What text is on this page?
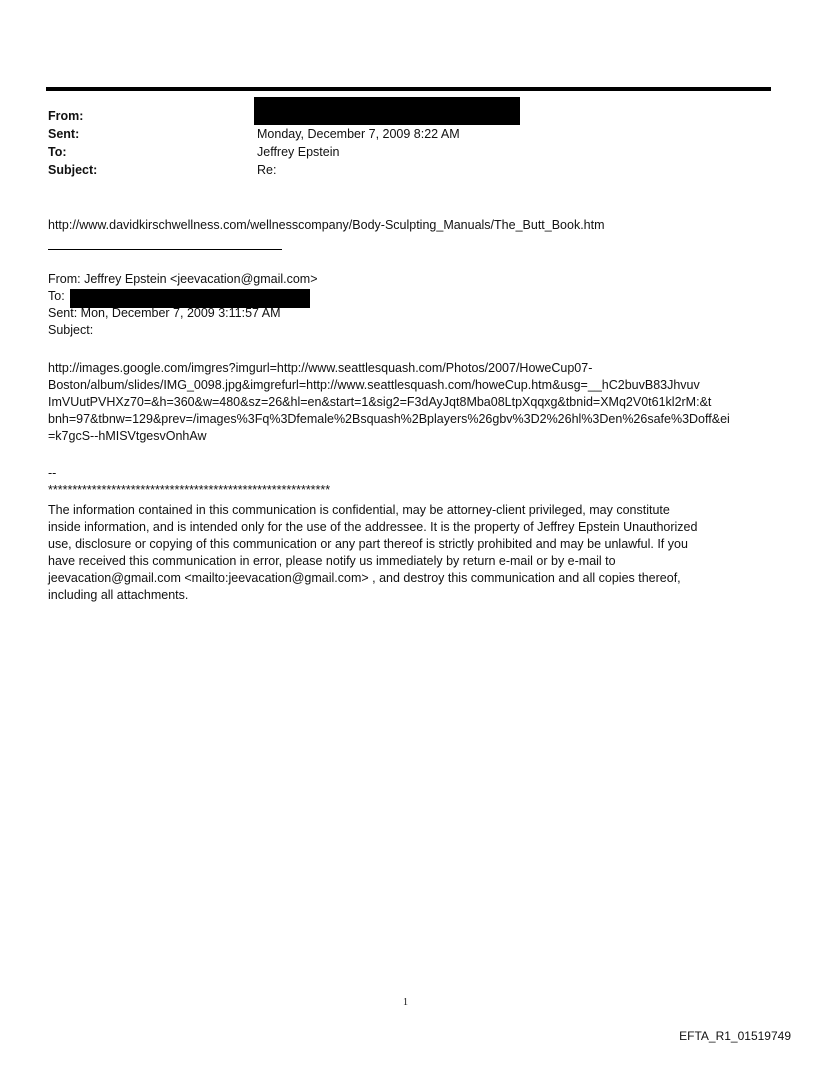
From:
Sent:	Monday, December 7, 2009 8:22 AM
To:	Jeffrey Epstein
Subject:	Re:
http://www.davidkirschwellness.com/wellnesscompany/Body-Sculpting_Manuals/The_Butt_Book.htm
From: Jeffrey Epstein <jeevacation@gmail.com>
To:
Sent: Mon, December 7, 2009 3:11:57 AM
Subject:
http://images.google.com/imgres?imgurl=http://www.seattlesquash.com/Photos/2007/HoweCup07-
Boston/album/slides/IMG_0098.jpg&imgrefurl=http://www.seattlesquash.com/howeCup.htm&usg=__hC2buvB83Jhvuv
ImVUutPVHXz70=&h=360&w=480&sz=26&hl=en&start=1&sig2=F3dAyJqt8Mba08LtpXqqxg&tbnid=XMq2V0t61kl2rM:&t
bnh=97&tbnw=129&prev=/images%3Fq%3Dfemale%2Bsquash%2Bplayers%26gbv%3D2%26hl%3Den%26safe%3Doff&ei
=k7gcS--hMISVtgesvOnhAw
--
**********************************************************
The information contained in this communication is confidential, may be attorney-client privileged, may constitute
inside information, and is intended only for the use of the addressee. It is the property of Jeffrey Epstein Unauthorized
use, disclosure or copying of this communication or any part thereof is strictly prohibited and may be unlawful. If you
have received this communication in error, please notify us immediately by return e-mail or by e-mail to
jeevacation@gmail.com <mailto:jeevacation@gmail.com> , and destroy this communication and all copies thereof,
including all attachments.
1
EFTA_R1_01519749
